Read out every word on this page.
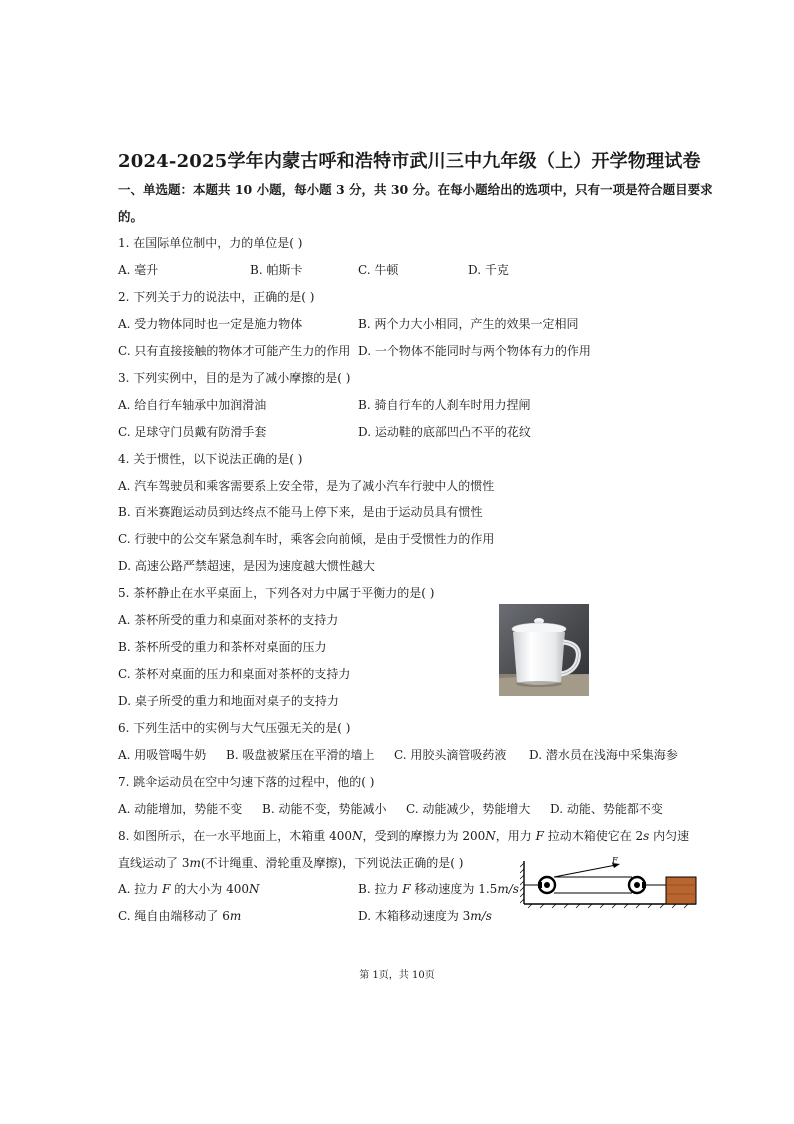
2024-2025学年内蒙古呼和浩特市武川三中九年级（上）开学物理试卷
一、单选题：本题共 10 小题，每小题 3 分，共 30 分。在每小题给出的选项中，只有一项是符合题目要求
的。
1. 在国际单位制中，力的单位是( )
A. 毫升	B. 帕斯卡	C. 牛顿	D. 千克
2. 下列关于力的说法中，正确的是( )
A. 受力物体同时也一定是施力物体	B. 两个力大小相同，产生的效果一定相同
C. 只有直接接触的物体才可能产生力的作用 D. 一个物体不能同时与两个物体有力的作用
3. 下列实例中，目的是为了减小摩擦的是( )
A. 给自行车轴承中加润滑油	B. 骑自行车的人刹车时用力捏闸
C. 足球守门员戴有防滑手套	D. 运动鞋的底部凹凸不平的花纹
4. 关于惯性，以下说法正确的是( )
A. 汽车驾驶员和乘客需要系上安全带，是为了减小汽车行驶中人的惯性
B. 百米赛跑运动员到达终点不能马上停下来，是由于运动员具有惯性
C. 行驶中的公交车紧急刹车时，乘客会向前倾，是由于受惯性力的作用
D. 高速公路严禁超速，是因为速度越大惯性越大
5. 茶杯静止在水平桌面上，下列各对力中属于平衡力的是( )
A. 茶杯所受的重力和桌面对茶杯的支持力
B. 茶杯所受的重力和茶杯对桌面的压力
C. 茶杯对桌面的压力和桌面对茶杯的支持力
D. 桌子所受的重力和地面对桌子的支持力
6. 下列生活中的实例与大气压强无关的是( )
A. 用吸管喝牛奶 B. 吸盘被紧压在平滑的墙上 C. 用胶头滴管吸药液 D. 潜水员在浅海中采集海参
7. 跳伞运动员在空中匀速下落的过程中，他的( )
A. 动能增加，势能不变 B. 动能不变，势能减小 C. 动能减少，势能增大 D. 动能、势能都不变
8. 如图所示，在一水平地面上，木箱重 400N，受到的摩擦力为 200N，用力 F 拉动木箱使它在 2s 内匀速
直线运动了 3m(不计绳重、滑轮重及摩擦)，下列说法正确的是( )
A. 拉力 F 的大小为 400N	B. 拉力 F 移动速度为 1.5m/s
C. 绳自由端移动了 6m	D. 木箱移动速度为 3m/s
F
第 1页，共 10页
